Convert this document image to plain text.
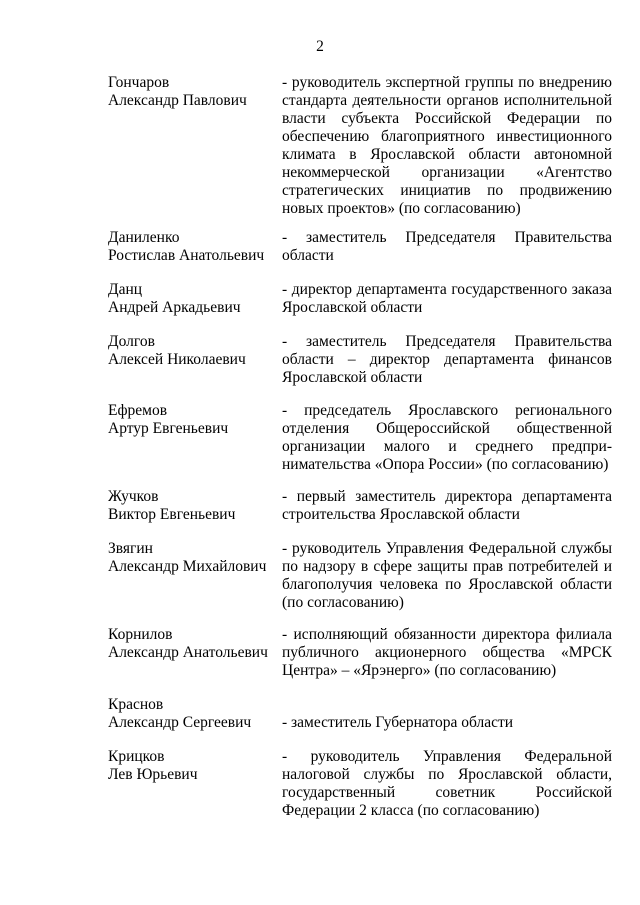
2
Гончаров
Александр Павлович
- руководитель экспертной группы по внедрению стандарта деятельности органов исполнительной власти субъекта Российской Федерации по обеспечению благоприятного инвестиционного климата в Ярославской области автономной некоммерческой организации «Агентство стратегических инициатив по продвижению новых проектов» (по согласованию)
Даниленко
Ростислав Анатольевич
- заместитель Председателя Правительства области
Данц
Андрей Аркадьевич
- директор департамента государственного заказа Ярославской области
Долгов
Алексей Николаевич
- заместитель Председателя Правительства области – директор департамента финансов Ярославской области
Ефремов
Артур Евгеньевич
- председатель Ярославского регионального отделения Общероссийской общественной организации малого и среднего предпри-нимательства «Опора России» (по согласованию)
Жучков
Виктор Евгеньевич
- первый заместитель директора департамента строительства Ярославской области
Звягин
Александр Михайлович
- руководитель Управления Федеральной службы по надзору в сфере защиты прав потребителей и благополучия человека по Ярославской области (по согласованию)
Корнилов
Александр Анатольевич
- исполняющий обязанности директора филиала публичного акционерного общества «МРСК Центра» – «Ярэнерго» (по согласованию)
Краснов
Александр Сергеевич	- заместитель Губернатора области
Крицков
Лев Юрьевич
- руководитель Управления Федеральной налоговой службы по Ярославской области, государственный советник Российской Федерации 2 класса (по согласованию)
